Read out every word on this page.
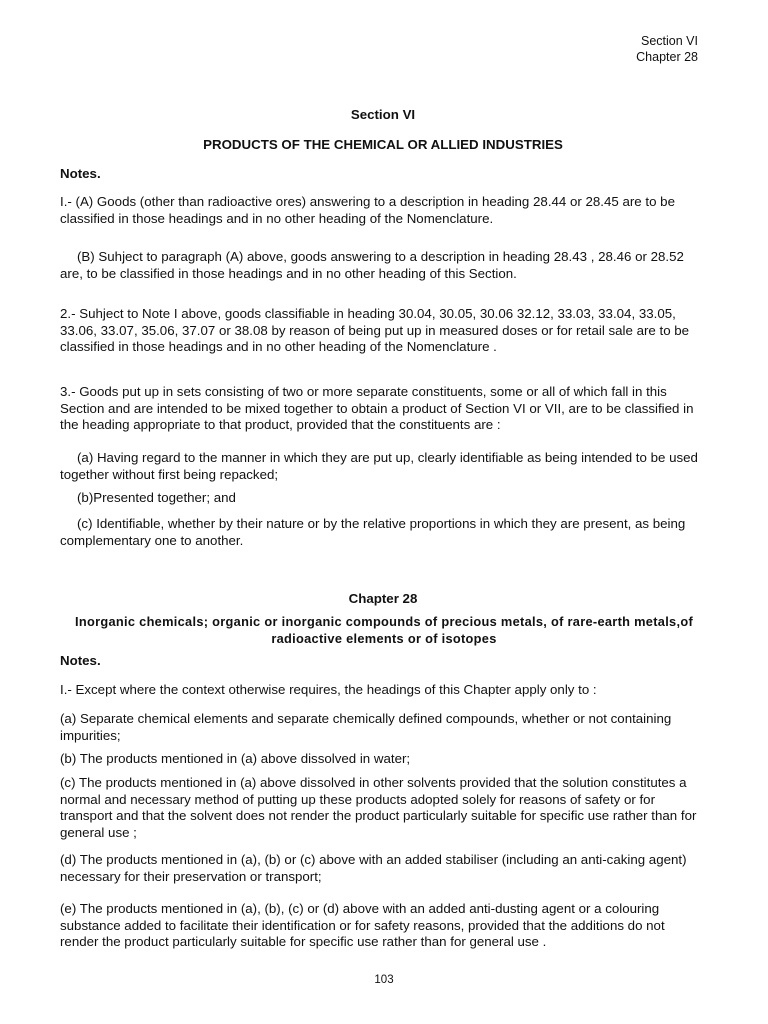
Section VI
Chapter 28

Section VI

PRODUCTS OF THE CHEMICAL OR ALLIED INDUSTRIES

Notes.

I.- (A) Goods (other than radioactive ores) answering to a description in heading 28.44 or 28.45 are to be classified in those headings and in no other heading of the Nomenclature.

(B) Suhject to paragraph (A) above, goods answering to a description in heading 28.43 , 28.46 or 28.52 are, to be classified in those headings and in no other heading of this Section.

2.- Suhject to Note I above, goods classifiable in heading 30.04, 30.05, 30.06 32.12, 33.03, 33.04, 33.05, 33.06, 33.07, 35.06, 37.07 or 38.08 by reason of being put up in measured doses or for retail sale are to be classified in those headings and in no other heading of the Nomenclature .

3.- Goods put up in sets consisting of two or more separate constituents, some or all of which fall in this Section and are intended to be mixed together to obtain a product of Section VI or VII, are to be classified in the heading appropriate to that product, provided that the constituents are :

(a) Having regard to the manner in which they are put up, clearly identifiable as being intended to be used together without first being repacked;

(b)Presented together; and

(c) Identifiable, whether by their nature or by the relative proportions in which they are present, as being complementary one to another.

Chapter 28

Inorganic chemicals; organic or inorganic compounds of precious metals, of rare-earth metals,of radioactive elements or of isotopes

Notes.

I.- Except where the context otherwise requires, the headings of this Chapter apply only to :

(a) Separate chemical elements and separate chemically defined compounds, whether or not containing impurities;

(b) The products mentioned in (a) above dissolved in water;

(c) The products mentioned in (a) above dissolved in other solvents provided that the solution constitutes a normal and necessary method of putting up these products adopted solely for reasons of safety or for transport and that the solvent does not render the product particularly suitable for specific use rather than for general use ;

(d) The products mentioned in (a), (b) or (c) above with an added stabiliser (including an anti-caking agent) necessary for their preservation or transport;

(e) The products mentioned in (a), (b), (c) or (d) above with an added anti-dusting agent or a colouring substance added to facilitate their identification or for safety reasons, provided that the additions do not render the product particularly suitable for specific use rather than for general use .

103
